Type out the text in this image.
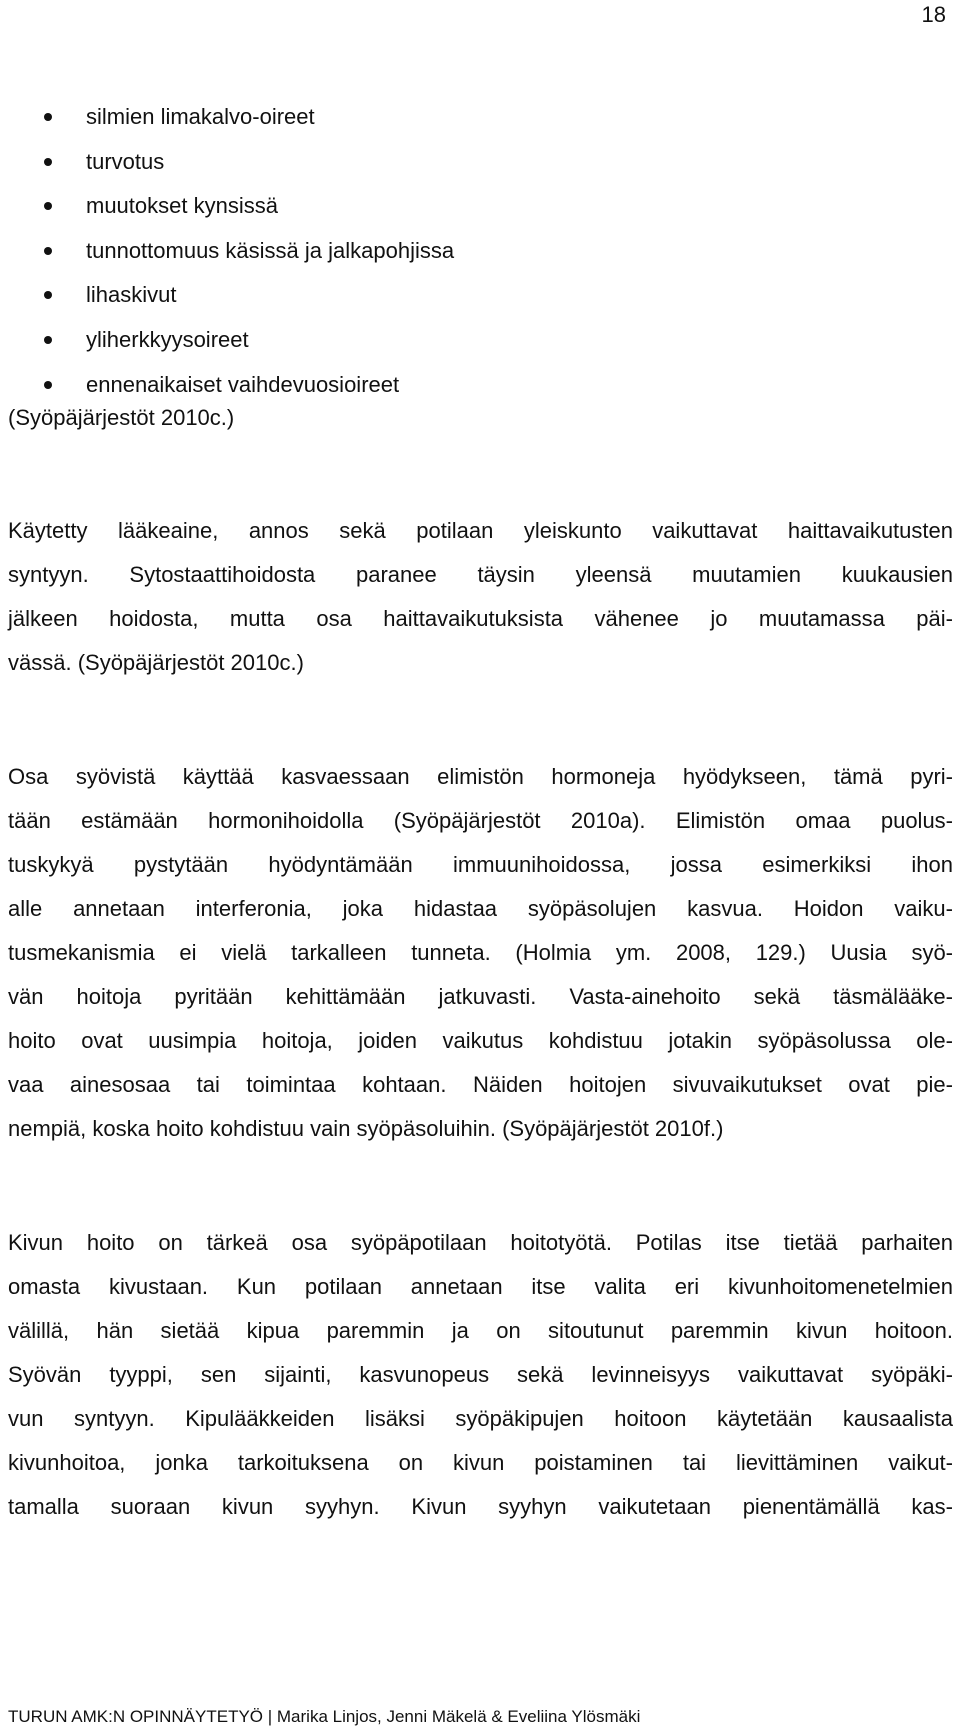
18
silmien limakalvo-oireet
turvotus
muutokset kynsissä
tunnottomuus käsissä ja jalkapohjissa
lihaskivut
yliherkkyysoireet
ennenaikaiset vaihdevuosioireet
(Syöpäjärjestöt 2010c.)
Käytetty lääkeaine, annos sekä potilaan yleiskunto vaikuttavat haittavaikutusten
syntyyn. Sytostaattihoidosta paranee täysin yleensä muutamien kuukausien
jälkeen hoidosta, mutta osa haittavaikutuksista vähenee jo muutamassa päi-
vässä. (Syöpäjärjestöt 2010c.)
Osa syövistä käyttää kasvaessaan elimistön hormoneja hyödykseen, tämä pyri-
tään estämään hormonihoidolla (Syöpäjärjestöt 2010a). Elimistön omaa puolus-
tuskykyä pystytään hyödyntämään immuunihoidossa, jossa esimerkiksi ihon
alle annetaan interferonia, joka hidastaa syöpäsolujen kasvua. Hoidon vaiku-
tusmekanismia ei vielä tarkalleen tunneta. (Holmia ym. 2008, 129.) Uusia syö-
vän hoitoja pyritään kehittämään jatkuvasti. Vasta-ainehoito sekä täsmälääke-
hoito ovat uusimpia hoitoja, joiden vaikutus kohdistuu jotakin syöpäsolussa ole-
vaa ainesosaa tai toimintaa kohtaan. Näiden hoitojen sivuvaikutukset ovat pie-
nempiä, koska hoito kohdistuu vain syöpäsoluihin. (Syöpäjärjestöt 2010f.)
Kivun hoito on tärkeä osa syöpäpotilaan hoitotyötä. Potilas itse tietää parhaiten
omasta kivustaan. Kun potilaan annetaan itse valita eri kivunhoitomenetelmien
välillä, hän sietää kipua paremmin ja on sitoutunut paremmin kivun hoitoon.
Syövän tyyppi, sen sijainti, kasvunopeus sekä levinneisyys vaikuttavat syöpäki-
vun syntyyn. Kipulääkkeiden lisäksi syöpäkipujen hoitoon käytetään kausaalista
kivunhoitoa, jonka tarkoituksena on kivun poistaminen tai lievittäminen vaikut-
tamalla suoraan kivun syyhyn. Kivun syyhyn vaikutetaan pienentämällä kas-
TURUN AMK:N OPINNÄYTETYÖ | Marika Linjos, Jenni Mäkelä & Eveliina Ylösmäki
